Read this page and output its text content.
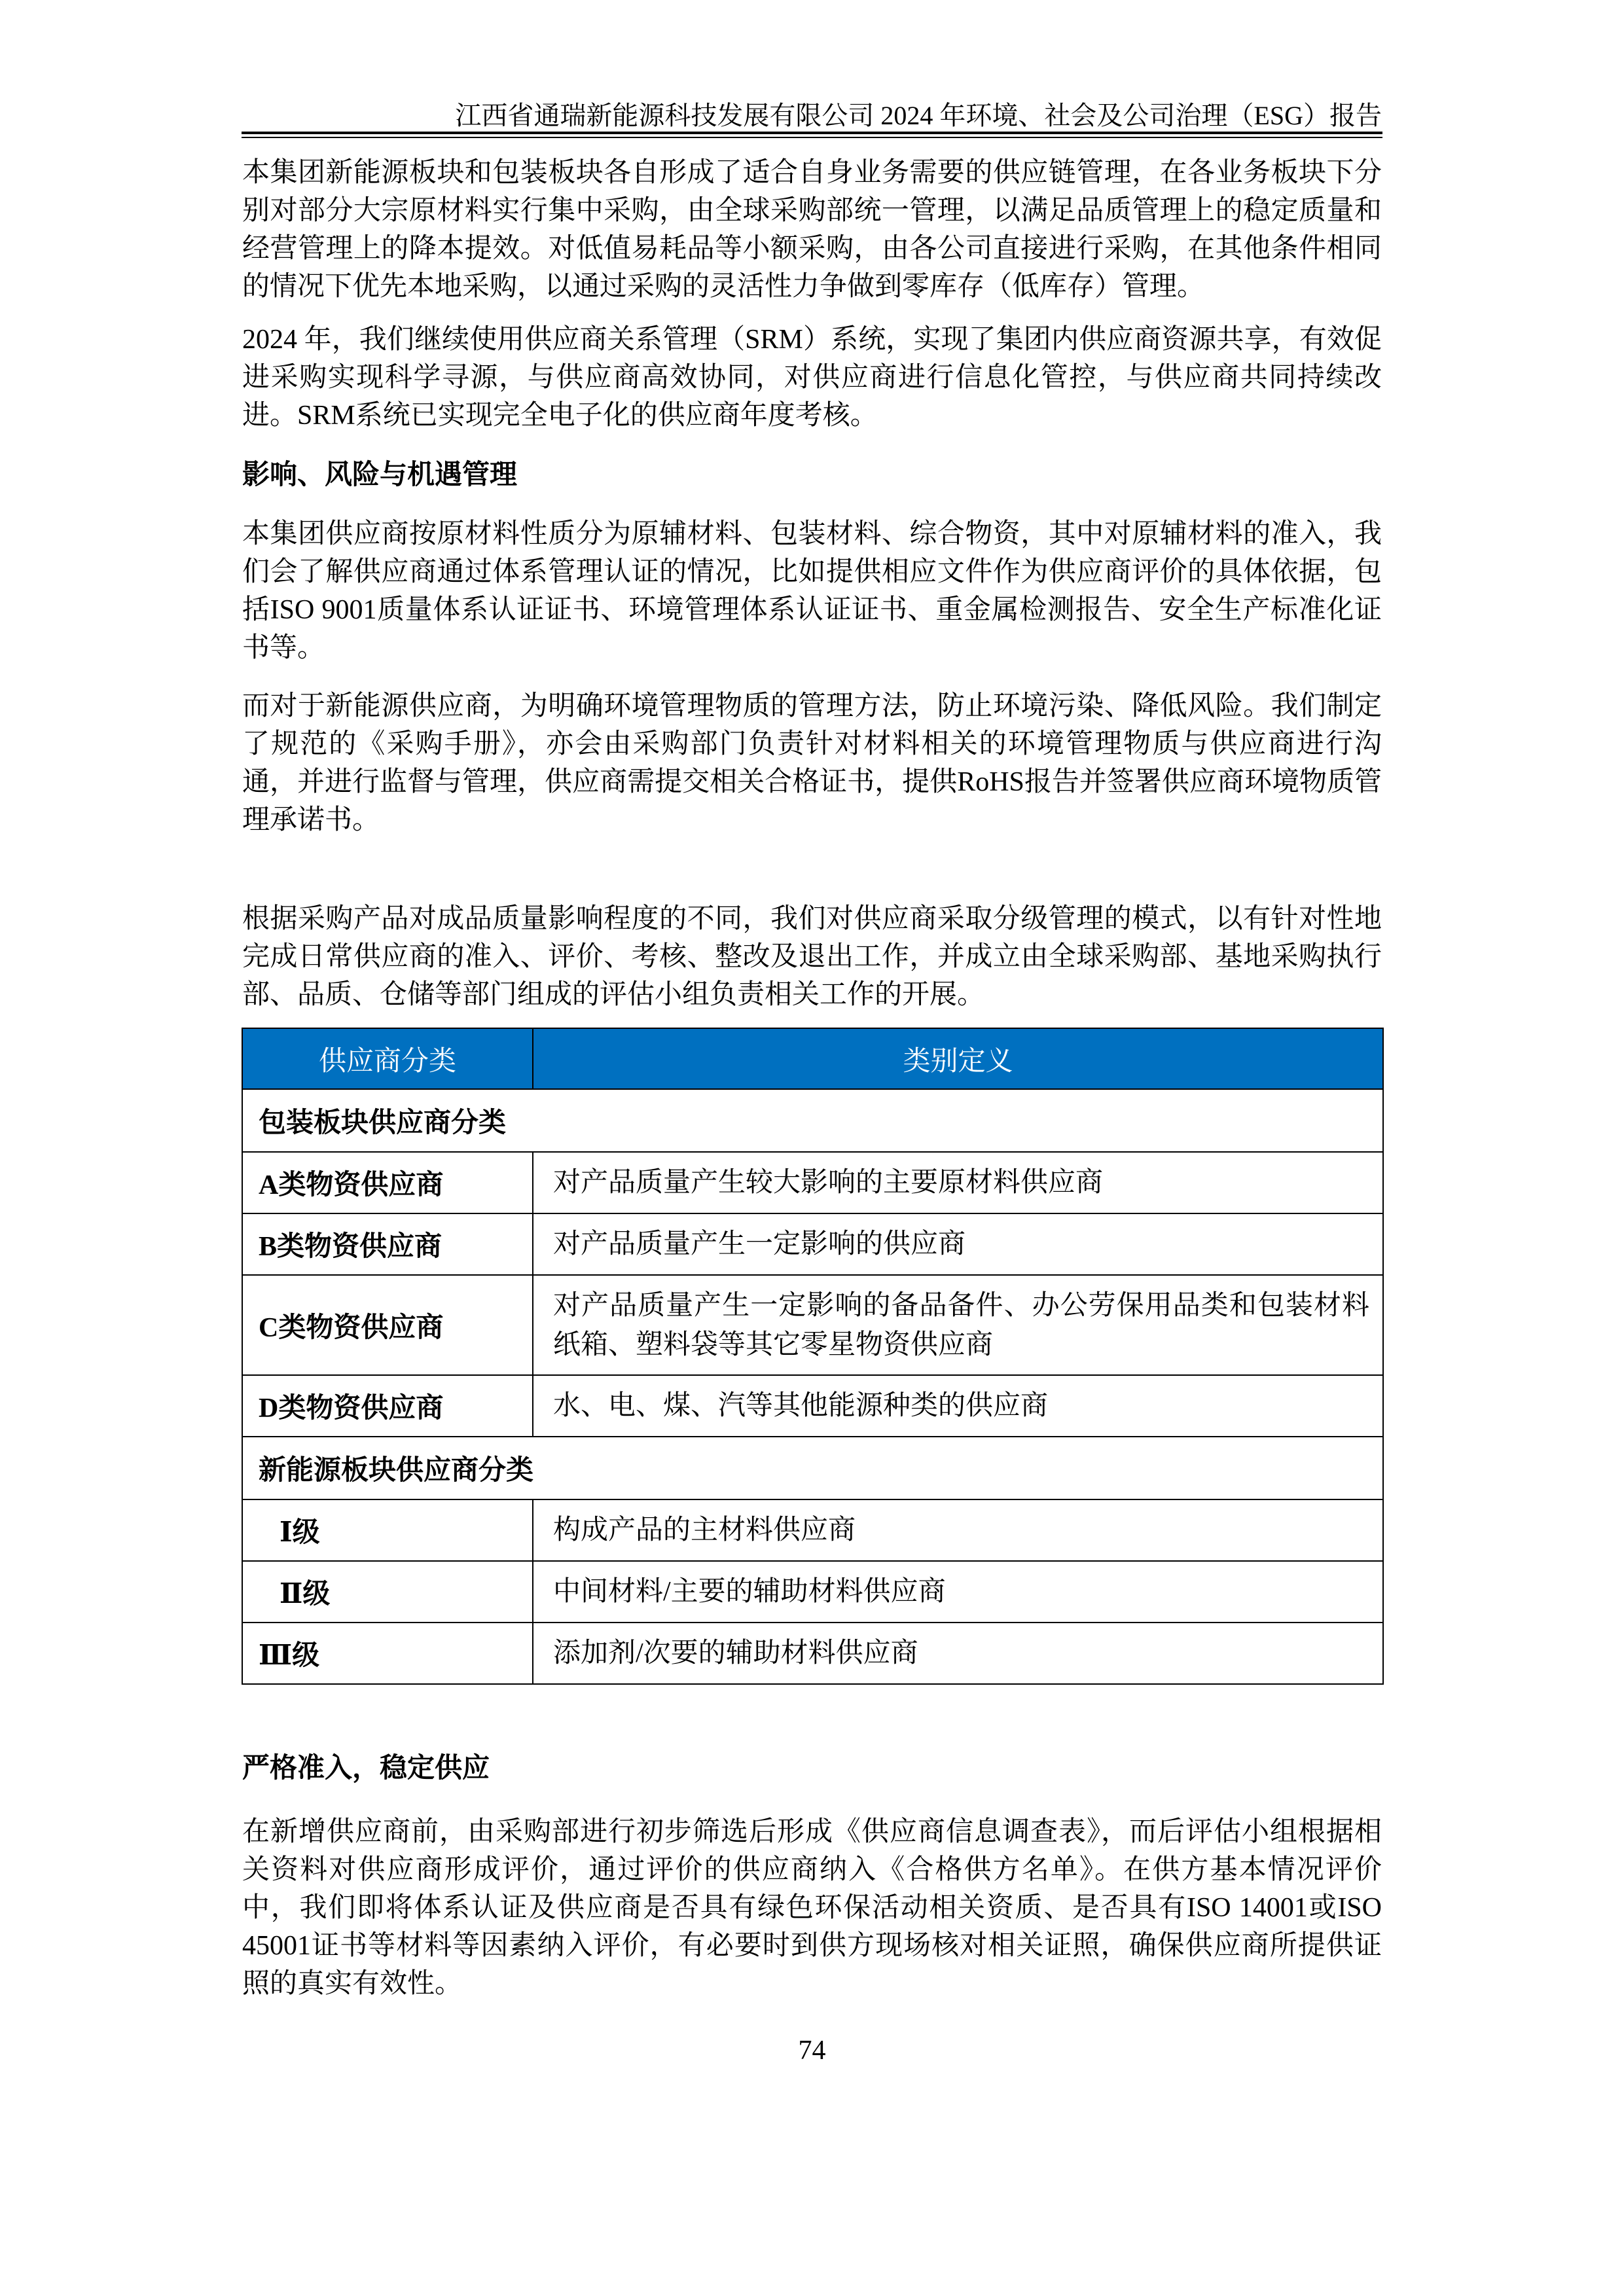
江西省通瑞新能源科技发展有限公司 2024 年环境、社会及公司治理（ESG）报告
本集团新能源板块和包装板块各自形成了适合自身业务需要的供应链管理，在各业务板块下分别对部分大宗原材料实行集中采购，由全球采购部统一管理，以满足品质管理上的稳定质量和经营管理上的降本提效。对低值易耗品等小额采购，由各公司直接进行采购，在其他条件相同的情况下优先本地采购，以通过采购的灵活性力争做到零库存（低库存）管理。
2024 年，我们继续使用供应商关系管理（SRM）系统，实现了集团内供应商资源共享，有效促进采购实现科学寻源，与供应商高效协同，对供应商进行信息化管控，与供应商共同持续改进。SRM系统已实现完全电子化的供应商年度考核。
影响、风险与机遇管理
本集团供应商按原材料性质分为原辅材料、包装材料、综合物资，其中对原辅材料的准入，我们会了解供应商通过体系管理认证的情况，比如提供相应文件作为供应商评价的具体依据，包括ISO 9001质量体系认证证书、环境管理体系认证证书、重金属检测报告、安全生产标准化证书等。
而对于新能源供应商，为明确环境管理物质的管理方法，防止环境污染、降低风险。我们制定了规范的《采购手册》，亦会由采购部门负责针对材料相关的环境管理物质与供应商进行沟通，并进行监督与管理，供应商需提交相关合格证书，提供RoHS报告并签署供应商环境物质管理承诺书。
根据采购产品对成品质量影响程度的不同，我们对供应商采取分级管理的模式，以有针对性地完成日常供应商的准入、评价、考核、整改及退出工作，并成立由全球采购部、基地采购执行部、品质、仓储等部门组成的评估小组负责相关工作的开展。
供应商分类	类别定义
包装板块供应商分类	
A类物资供应商	对产品质量产生较大影响的主要原材料供应商
B类物资供应商	对产品质量产生一定影响的供应商
C类物资供应商	对产品质量产生一定影响的备品备件、办公劳保用品类和包装材料纸箱、塑料袋等其它零星物资供应商
D类物资供应商	水、电、煤、汽等其他能源种类的供应商
新能源板块供应商分类	
Ⅰ级	构成产品的主材料供应商
Ⅱ级	中间材料/主要的辅助材料供应商
Ⅲ级	添加剂/次要的辅助材料供应商
严格准入，稳定供应
在新增供应商前，由采购部进行初步筛选后形成《供应商信息调查表》，而后评估小组根据相关资料对供应商形成评价，通过评价的供应商纳入《合格供方名单》。在供方基本情况评价中，我们即将体系认证及供应商是否具有绿色环保活动相关资质、是否具有ISO 14001或ISO 45001证书等材料等因素纳入评价，有必要时到供方现场核对相关证照，确保供应商所提供证照的真实有效性。
74
